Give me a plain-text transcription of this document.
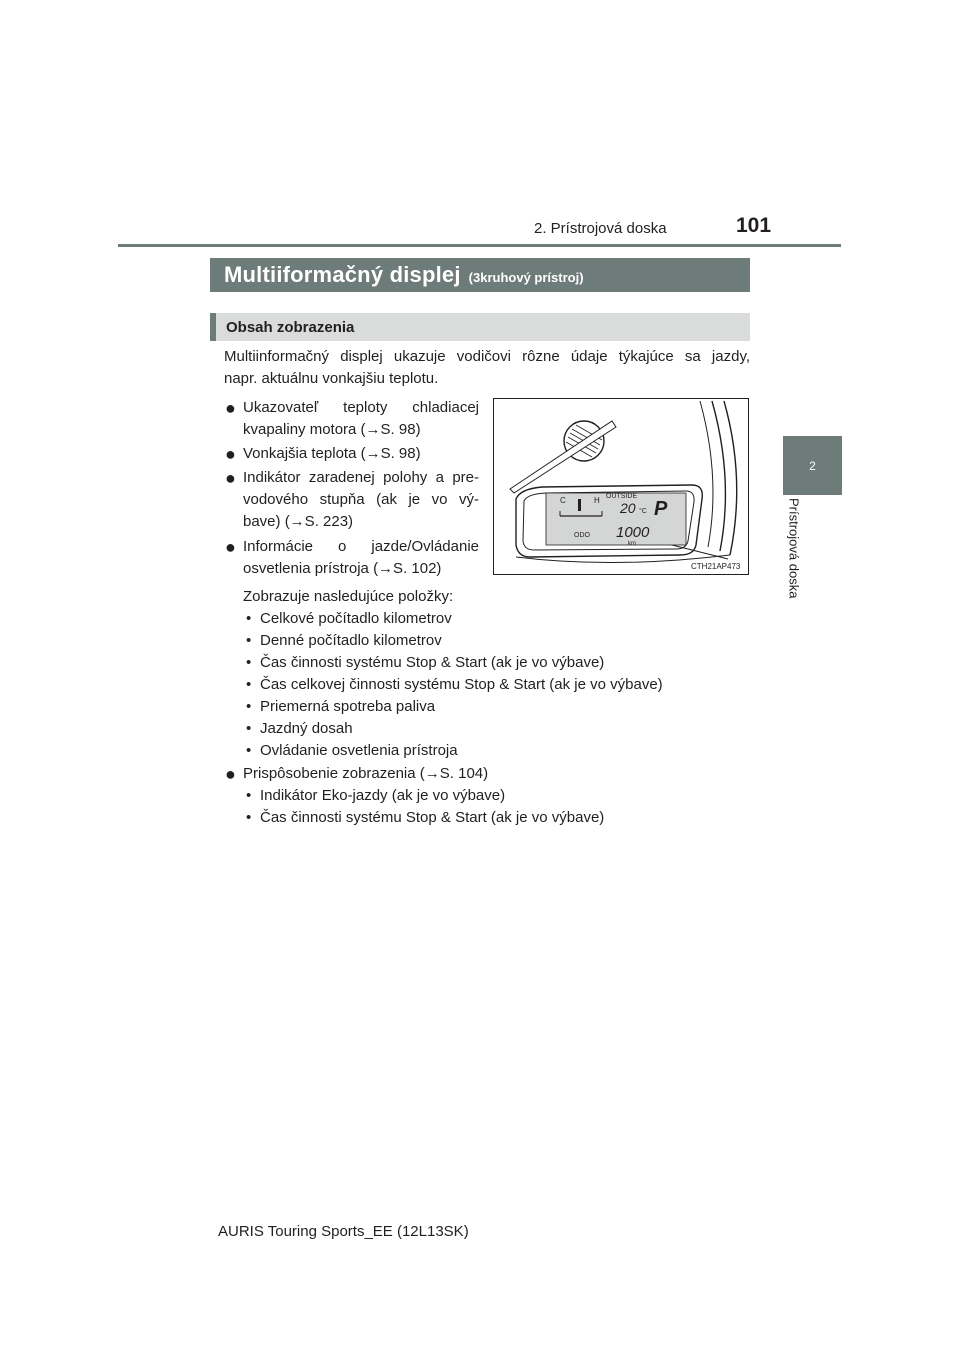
2. Prístrojová doska	101
2
Prístrojová doska
Multiiformačný displej (3kruhový prístroj)
Obsah zobrazenia
Multiinformačný displej ukazuje vodičovi rôzne údaje týkajúce sa jazdy,
napr. aktuálnu vonkajšiu teplotu.
● Ukazovateľ teploty chladiacej
kvapaliny motora (→S. 98)
● Vonkajšia teplota (→S. 98)
● Indikátor zaradenej polohy a pre-
vodového stupňa (ak je vo vý-
bave) (→S. 223)
● Informácie o jazde/Ovládanie
osvetlenia prístroja (→S. 102)
Zobrazuje nasledujúce položky:
• Celkové počítadlo kilometrov
• Denné počítadlo kilometrov
• Čas činnosti systému Stop & Start (ak je vo výbave)
• Čas celkovej činnosti systému Stop & Start (ak je vo výbave)
• Priemerná spotreba paliva
• Jazdný dosah
• Ovládanie osvetlenia prístroja
● Prispôsobenie zobrazenia (→S. 104)
• Indikátor Eko-jazdy (ak je vo výbave)
• Čas činnosti systému Stop & Start (ak je vo výbave)
C	H OUTSIDE
20 °C P
ODO 1000
km
CTH21AP473
AURIS Touring Sports_EE (12L13SK)
